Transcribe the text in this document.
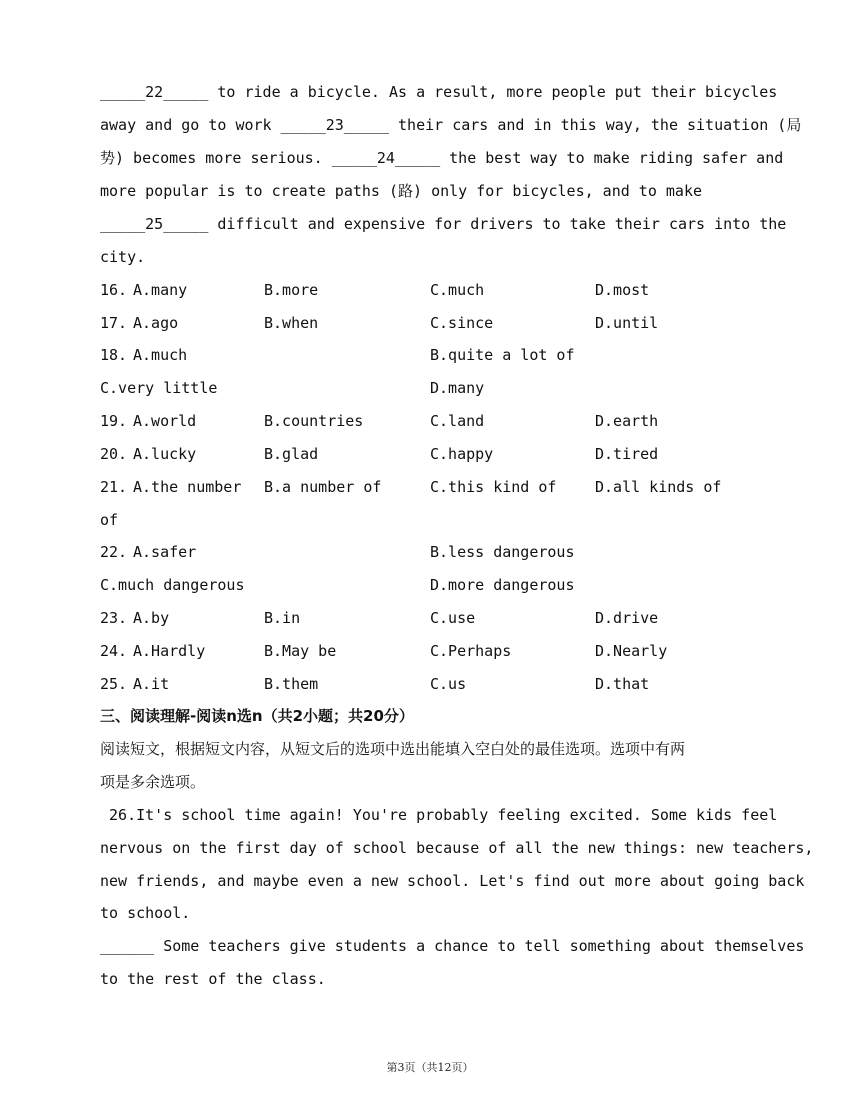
_____22_____ to ride a bicycle. As a result, more people put their bicycles
away and go to work _____23_____ their cars and in this way, the situation (局
势) becomes more serious. _____24_____ the best way to make riding safer and
more popular is to create paths (路) only for bicycles, and to make
_____25_____ difficult and expensive for drivers to take their cars into the
city.
16. A.many	B.more	C.much	D.most
17. A.ago	B.when	C.since	D.until
18. A.much	B.quite a lot of
C.very little	D.many
19. A.world	B.countries	C.land	D.earth
20. A.lucky	B.glad	C.happy	D.tired
21. A.the number B.a number of	C.this kind of	D.all kinds of
of
22. A.safer	B.less dangerous
C.much dangerous	D.more dangerous
23. A.by	B.in	C.use	D.drive
24. A.Hardly	B.May be	C.Perhaps	D.Nearly
25. A.it	B.them	C.us	D.that
三、阅读理解-阅读n选n（共2小题；共20分）
阅读短文，根据短文内容，从短文后的选项中选出能填入空白处的最佳选项。选项中有两
项是多余选项。
26.It's school time again! You're probably feeling excited. Some kids feel
nervous on the first day of school because of all the new things: new teachers,
new friends, and maybe even a new school. Let's find out more about going back
to school.
______ Some teachers give students a chance to tell something about themselves
to the rest of the class.
第3页（共12页）
